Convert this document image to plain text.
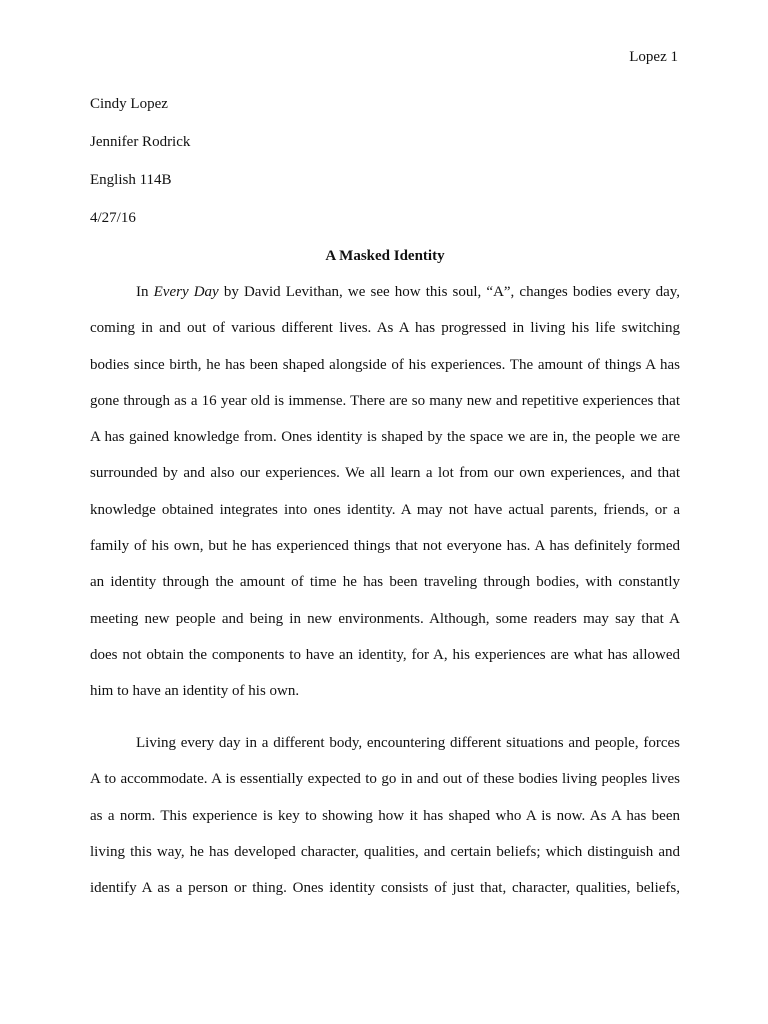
Lopez 1
Cindy Lopez
Jennifer Rodrick
English 114B
4/27/16
A Masked Identity
In Every Day by David Levithan, we see how this soul, “A”, changes bodies every day,
coming in and out of various different lives. As A has progressed in living his life switching
bodies since birth, he has been shaped alongside of his experiences. The amount of things A has
gone through as a 16 year old is immense. There are so many new and repetitive experiences that
A has gained knowledge from. Ones identity is shaped by the space we are in, the people we are
surrounded by and also our experiences. We all learn a lot from our own experiences, and that
knowledge obtained integrates into ones identity. A may not have actual parents, friends, or a
family of his own, but he has experienced things that not everyone has. A has definitely formed
an identity through the amount of time he has been traveling through bodies, with constantly
meeting new people and being in new environments. Although, some readers may say that A
does not obtain the components to have an identity, for A, his experiences are what has allowed
him to have an identity of his own.
Living every day in a different body, encountering different situations and people, forces
A to accommodate. A is essentially expected to go in and out of these bodies living peoples lives
as a norm. This experience is key to showing how it has shaped who A is now. As A has been
living this way, he has developed character, qualities, and certain beliefs; which distinguish and
identify A as a person or thing. Ones identity consists of just that, character, qualities, beliefs,
